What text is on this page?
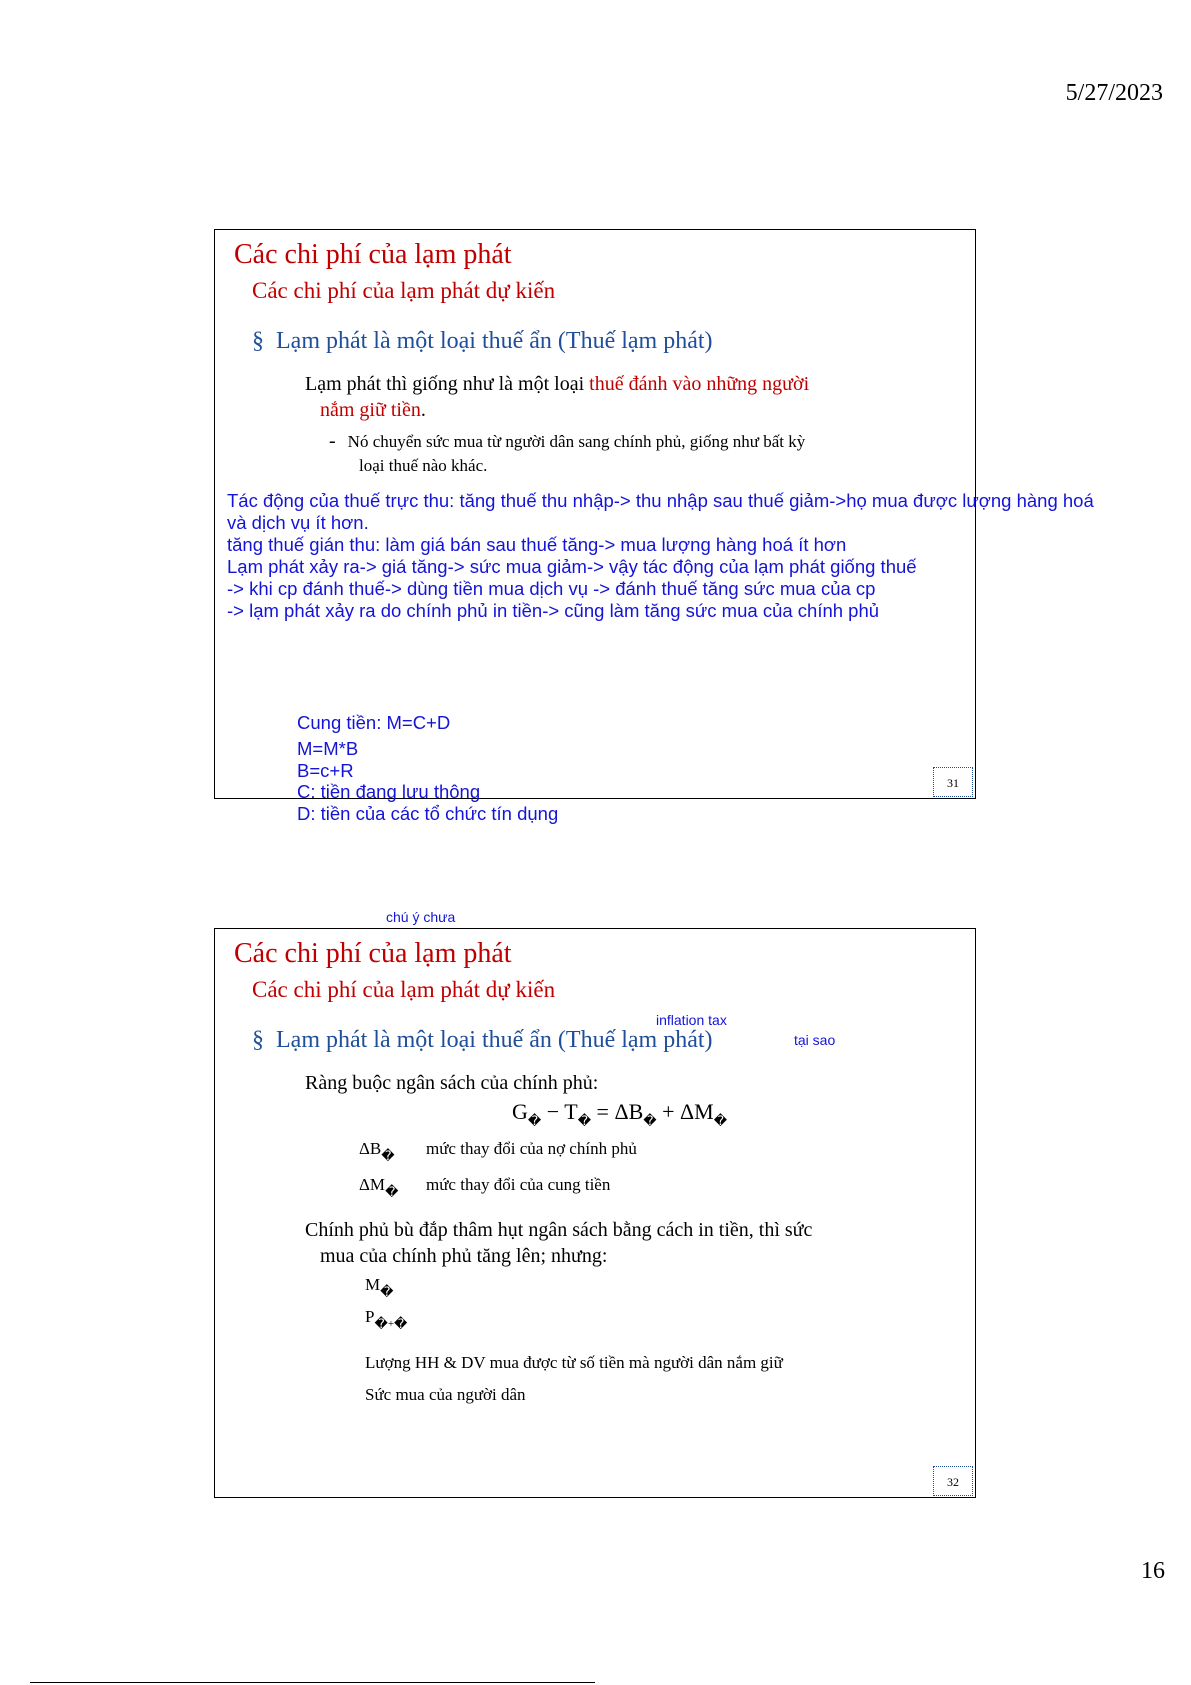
5/27/2023
Các chi phí của lạm phát
Các chi phí của lạm phát dự kiến
§ Lạm phát là một loại thuế ẩn (Thuế lạm phát)
Lạm phát thì giống như là một loại thuế đánh vào những người
nắm giữ tiền.
- Nó chuyển sức mua từ người dân sang chính phủ, giống như bất kỳ
loại thuế nào khác.
31
Tác động của thuế trực thu: tăng thuế thu nhập-> thu nhập sau thuế giảm->họ mua được lượng hàng hoá
và dịch vụ ít hơn.
tăng thuế gián thu: làm giá bán sau thuế tăng-> mua lượng hàng hoá ít hơn
Lạm phát xảy ra-> giá tăng-> sức mua giảm-> vậy tác động của lạm phát giống thuế
-> khi cp đánh thuế-> dùng tiền mua dịch vụ -> đánh thuế tăng sức mua của cp
-> lạm phát xảy ra do chính phủ in tiền-> cũng làm tăng sức mua của chính phủ
Cung tiền: M=C+D
M=M*B
B=c+R
C: tiền đang lưu thông
D: tiền của các tổ chức tín dụng
chú ý chưa
Các chi phí của lạm phát
Các chi phí của lạm phát dự kiến
§ Lạm phát là một loại thuế ẩn (Thuế lạm phát)
Ràng buộc ngân sách của chính phủ:
$G_� - T_� = \Delta B_� + \Delta M_�$
$\Delta B_�$ mức thay đổi của nợ chính phủ
$\Delta M_�$ mức thay đổi của cung tiền
Chính phủ bù đắp thâm hụt ngân sách bằng cách in tiền, thì sức
mua của chính phủ tăng lên; nhưng:
$M_�$
$P_{�+�}$
Lượng HH & DV mua được từ số tiền mà người dân nắm giữ
Sức mua của người dân
32
inflation tax
tại sao
16
